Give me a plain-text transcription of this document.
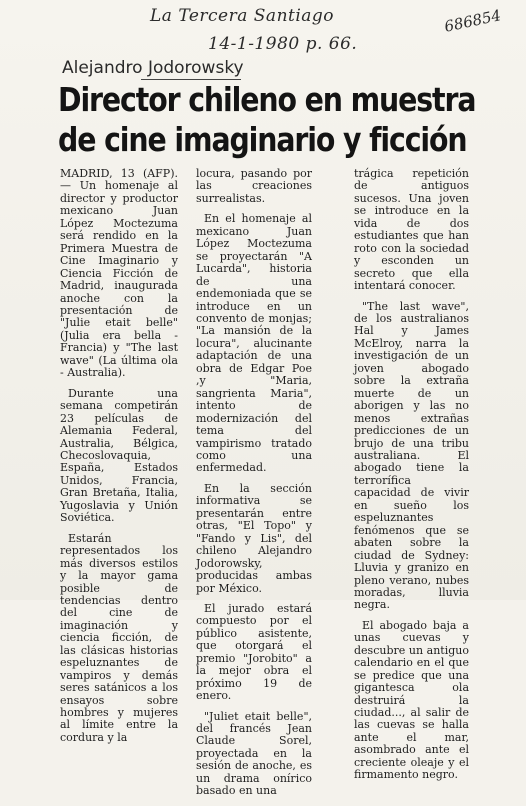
La Tercera Santiago
14-1-1980 p. 66.
686854
Alejandro Jodorowsky
Director chileno en muestra
de cine imaginario y ficción

MADRID, 13 (AFP).— Un homenaje al director y productor mexicano Juan López Moctezuma será rendido en la Primera Muestra de Cine Imaginario y Ciencia Ficción de Madrid, inaugurada anoche con la presentación de "Julie etait belle" (Julia era bella - Francia) y "The last wave" (La última ola - Australia).

Durante una semana competirán 23 películas de Alemania Federal, Australia, Bélgica, Checoslovaquia, España, Estados Unidos, Francia, Gran Bretaña, Italia, Yugoslavia y Unión Soviética.

Estarán representados los más diversos estilos y la mayor gama posible de tendencias dentro del cine de imaginación y ciencia ficción, de las clásicas historias espeluznantes de vampiros y demás seres satánicos a los ensayos sobre hombres y mujeres al límite entre la cordura y la

locura, pasando por las creaciones surrealistas.

En el homenaje al mexicano Juan López Moctezuma se proyectarán "A Lucarda", historia de una endemoniada que se introduce en un convento de monjas; "La mansión de la locura", alucinante adaptación de una obra de Edgar Poe ,y "Maria, sangrienta Maria", intento de modernización del tema del vampirismo tratado como una enfermedad.

En la sección informativa se presentarán entre otras, "El Topo" y "Fando y Lis", del chileno Alejandro Jodorowsky, producidas ambas por México.

El jurado estará compuesto por el público asistente, que otorgará el premio "Jorobito" a la mejor obra el próximo 19 de enero.

"Juliet etait belle", del francés Jean Claude Sorel, proyectada en la sesión de anoche, es un drama onírico basado en una

trágica repetición de antiguos sucesos. Una joven se introduce en la vida de dos estudiantes que han roto con la sociedad y esconden un secreto que ella intentará conocer.

"The last wave", de los australianos Hal y James McElroy, narra la investigación de un joven abogado sobre la extraña muerte de un aborigen y las no menos extrañas predicciones de un brujo de una tribu australiana. El abogado tiene la terrorífica capacidad de vivir en sueño los espeluznantes fenómenos que se abaten sobre la ciudad de Sydney: Lluvia y granizo en pleno verano, nubes moradas, lluvia negra.

El abogado baja a unas cuevas y descubre un antiguo calendario en el que se predice que una gigantesca ola destruirá la ciudad..., al salir de las cuevas se halla ante el mar, asombrado ante el creciente oleaje y el firmamento negro.
